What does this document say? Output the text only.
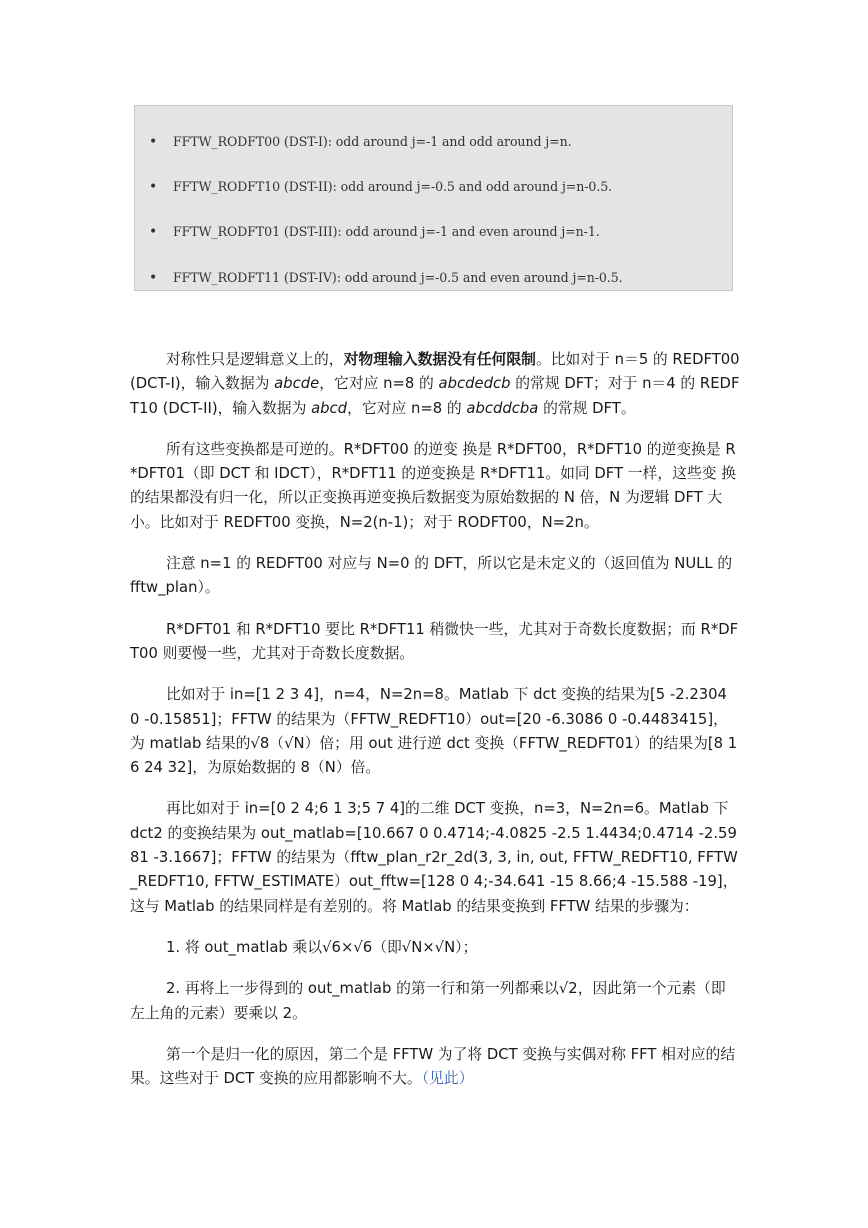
• FFTW_RODFT00 (DST-I): odd around j=-1 and odd around j=n.
• FFTW_RODFT10 (DST-II): odd around j=-0.5 and odd around j=n-0.5.
• FFTW_RODFT01 (DST-III): odd around j=-1 and even around j=n-1.
• FFTW_RODFT11 (DST-IV): odd around j=-0.5 and even around j=n-0.5.

对称性只是逻辑意义上的，对物理输入数据没有任何限制。比如对于 n＝5 的 REDFT00 (DCT-I)，输入数据为 abcde，它对应 n=8 的 abcdedcb 的常规 DFT；对于 n＝4 的 REDFT10 (DCT-II)，输入数据为 abcd，它对应 n=8 的 abcddcba 的常规 DFT。

所有这些变换都是可逆的。R*DFT00 的逆变 换是 R*DFT00，R*DFT10 的逆变换是 R*DFT01（即 DCT 和 IDCT），R*DFT11 的逆变换是 R*DFT11。如同 DFT 一样，这些变 换的结果都没有归一化，所以正变换再逆变换后数据变为原始数据的 N 倍，N 为逻辑 DFT 大小。比如对于 REDFT00 变换，N=2(n-1)；对于 RODFT00，N=2n。

注意 n=1 的 REDFT00 对应与 N=0 的 DFT，所以它是未定义的（返回值为 NULL 的 fftw_plan）。

R*DFT01 和 R*DFT10 要比 R*DFT11 稍微快一些，尤其对于奇数长度数据；而 R*DFT00 则要慢一些，尤其对于奇数长度数据。

比如对于 in=[1 2 3 4]，n=4，N=2n=8。Matlab 下 dct 变换的结果为[5 -2.2304 0 -0.15851]；FFTW 的结果为（FFTW_REDFT10）out=[20 -6.3086 0 -0.4483415]，为 matlab 结果的√8（√N）倍；用 out 进行逆 dct 变换（FFTW_REDFT01）的结果为[8 16 24 32]，为原始数据的 8（N）倍。

再比如对于 in=[0 2 4;6 1 3;5 7 4]的二维 DCT 变换，n=3，N=2n=6。Matlab 下 dct2 的变换结果为 out_matlab=[10.667 0 0.4714;-4.0825 -2.5 1.4434;0.4714 -2.5981 -3.1667]；FFTW 的结果为（fftw_plan_r2r_2d(3, 3, in, out, FFTW_REDFT10, FFTW_REDFT10, FFTW_ESTIMATE）out_fftw=[128 0 4;-34.641 -15 8.66;4 -15.588 -19]，这与 Matlab 的结果同样是有差别的。将 Matlab 的结果变换到 FFTW 结果的步骤为：

1. 将 out_matlab 乘以√6×√6（即√N×√N）；

2. 再将上一步得到的 out_matlab 的第一行和第一列都乘以√2，因此第一个元素（即左上角的元素）要乘以 2。

第一个是归一化的原因，第二个是 FFTW 为了将 DCT 变换与实偶对称 FFT 相对应的结果。这些对于 DCT 变换的应用都影响不大。（见此）
